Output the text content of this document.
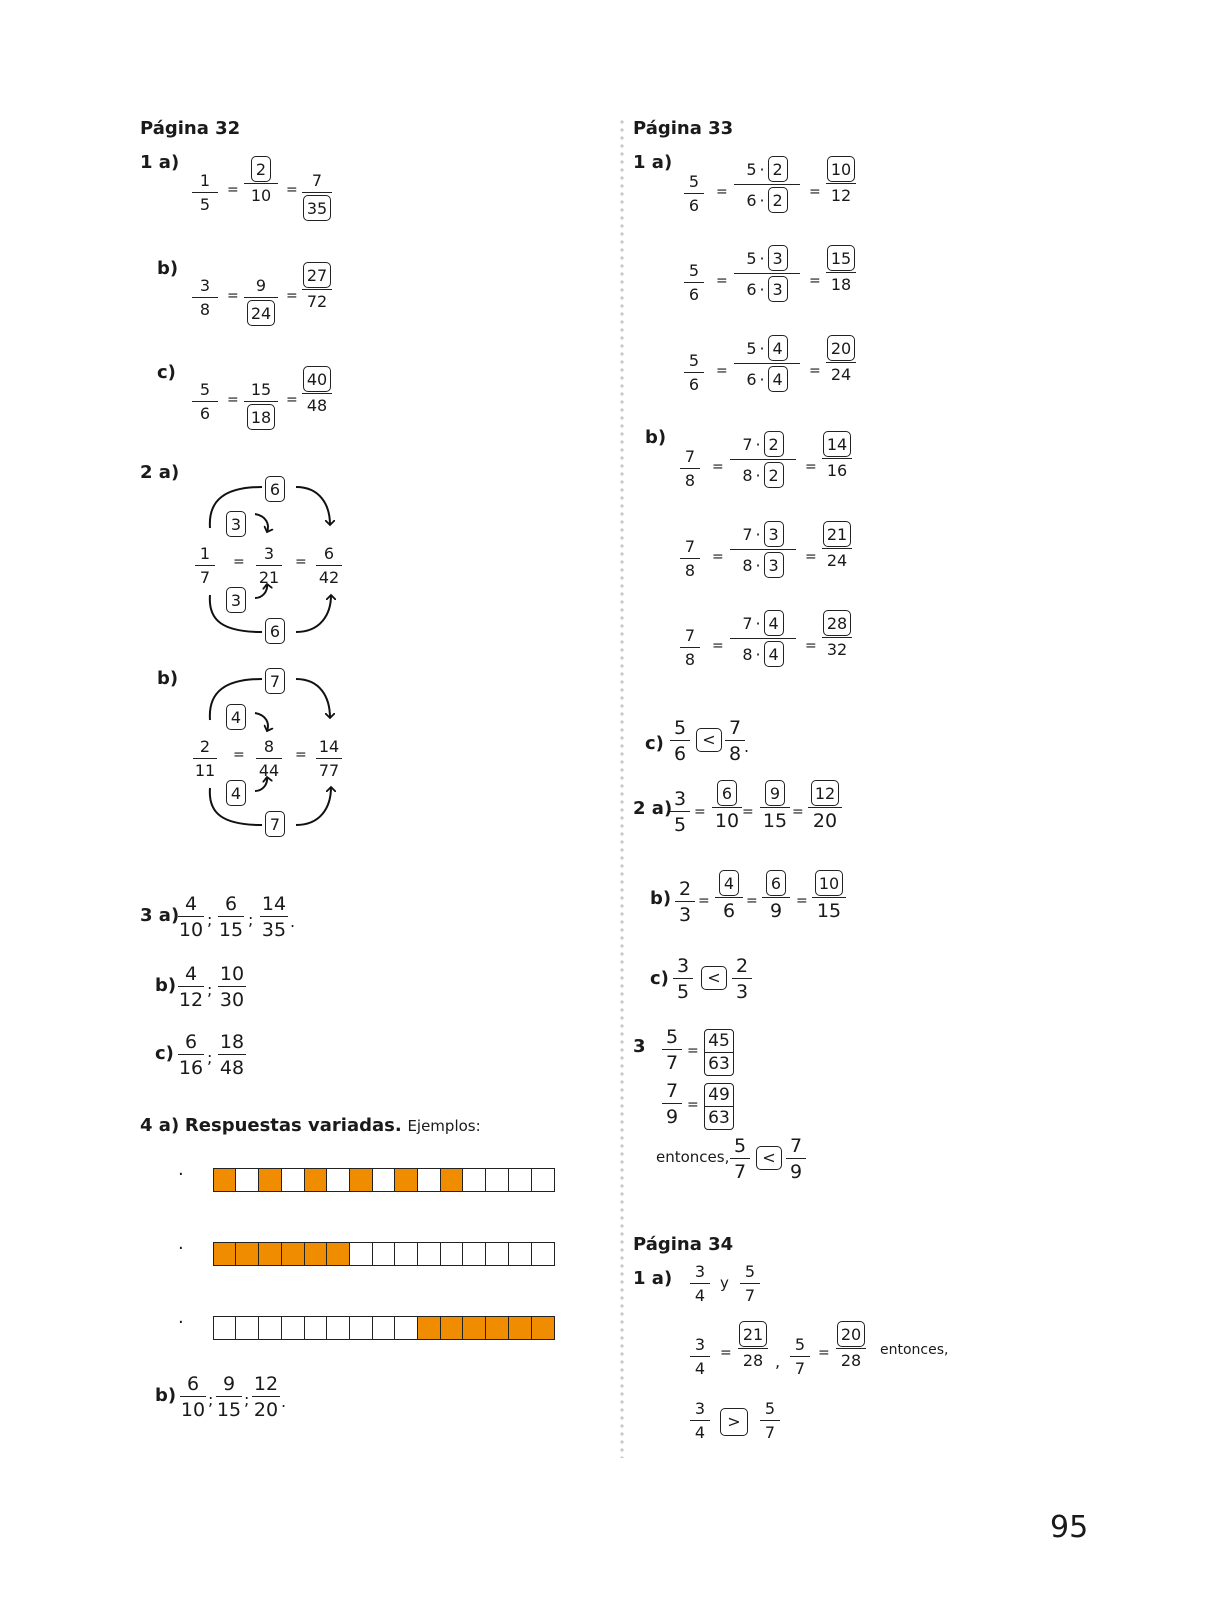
Página 32
1 a)
1
5
=
2
10 = 7
35
b)
3
8
=
9
24
=
27
72
c)
5
6
=
15
18
=
40
48
2 a)
6
3
1
7
= 3
21
= 6
42
3
6
b)	7
4
2
11
= 8
44
= 14
77
4
7
3 a)
4
10 ;
6
15 ;
14
35 .
b)
4
12 ;
10
30
c)
6
16 ;
18
48
4 a) Respuestas variadas. Ejemplos:
·
·
·
b)
6
10 ;
9
15 ;
12
20 .
Página 33
1 a)
5
6
=
5 · 2
6 · 2	=
10
12
5
6
=
5 · 3
6 · 3	=
15
18
5
6
=
5 · 4
6 · 4	=
20
24
b)
7
8
=
7 · 2
8 · 2	=
14
16
7
8
=
7 · 3
8 · 3	=
21
24
7
8
=
7 · 4
8 · 4	=
28
32
c)
5
6
<
7
8 .
2 a) 3
5
=
6
10 =
9
15 =
12
20
b) 2
3
=
4
6 =
6
9 =
10
15
c)
3
5
<
2
3
3 5
7
= 45
63
7
9
= 49
63
entonces, 5
7
<
7
9
Página 34
1 a) 3
4
y
5
7
3
4
=
21
28 ,
5
7
=
20
28
entonces,
3
4
>
5
7
95
